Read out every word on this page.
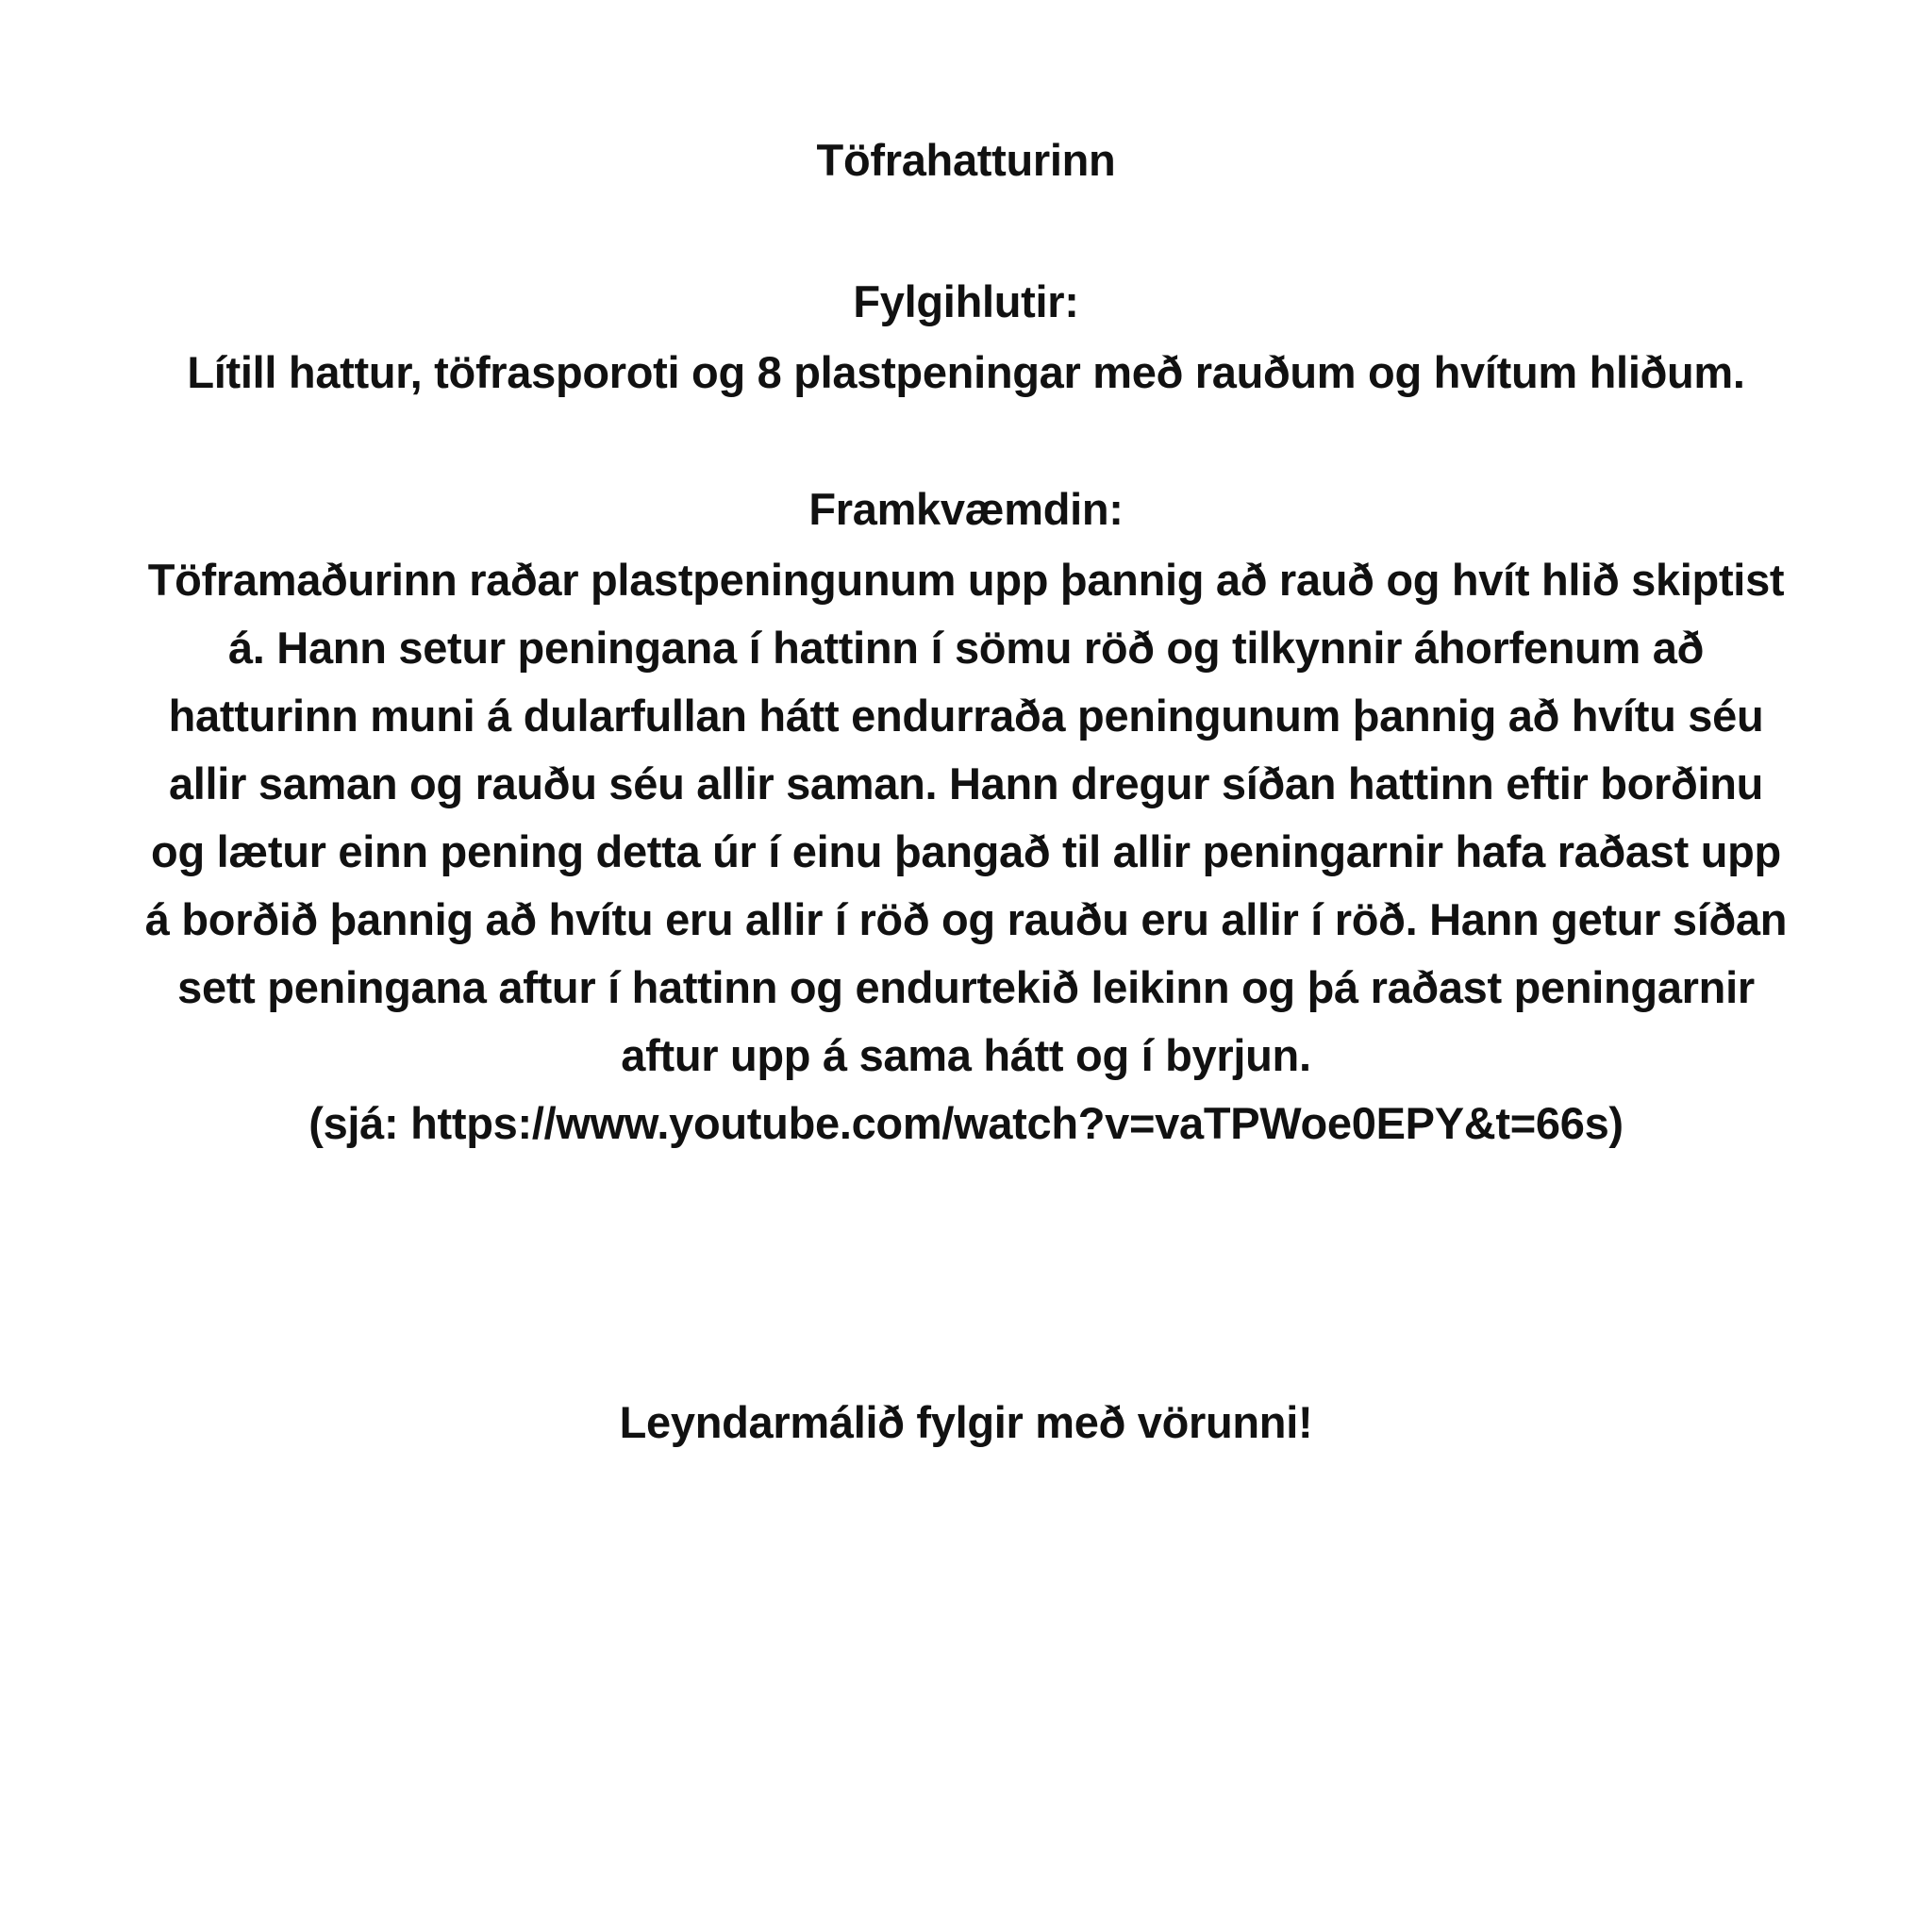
Töfrahatturinn
Fylgihlutir:
Lítill hattur, töfrasporoti og 8 plastpeningar með rauðum og hvítum hliðum.
Framkvæmdin:
Töframaðurinn raðar plastpeningunum upp þannig að rauð og hvít hlið skiptist
á. Hann setur peningana í hattinn í sömu röð og tilkynnir áhorfenum að
hatturinn muni á dularfullan hátt endurraða peningunum þannig að hvítu séu
allir saman og rauðu séu allir saman. Hann dregur síðan hattinn eftir borðinu
og lætur einn pening detta úr í einu þangað til allir peningarnir hafa raðast upp
á borðið þannig að hvítu eru allir í röð og rauðu eru allir í röð. Hann getur síðan
sett peningana aftur í hattinn og endurtekið leikinn og þá raðast peningarnir
aftur upp á sama hátt og í byrjun.
(sjá: https://www.youtube.com/watch?v=vaTPWoe0EPY&t=66s)
Leyndarmálið fylgir með vörunni!
